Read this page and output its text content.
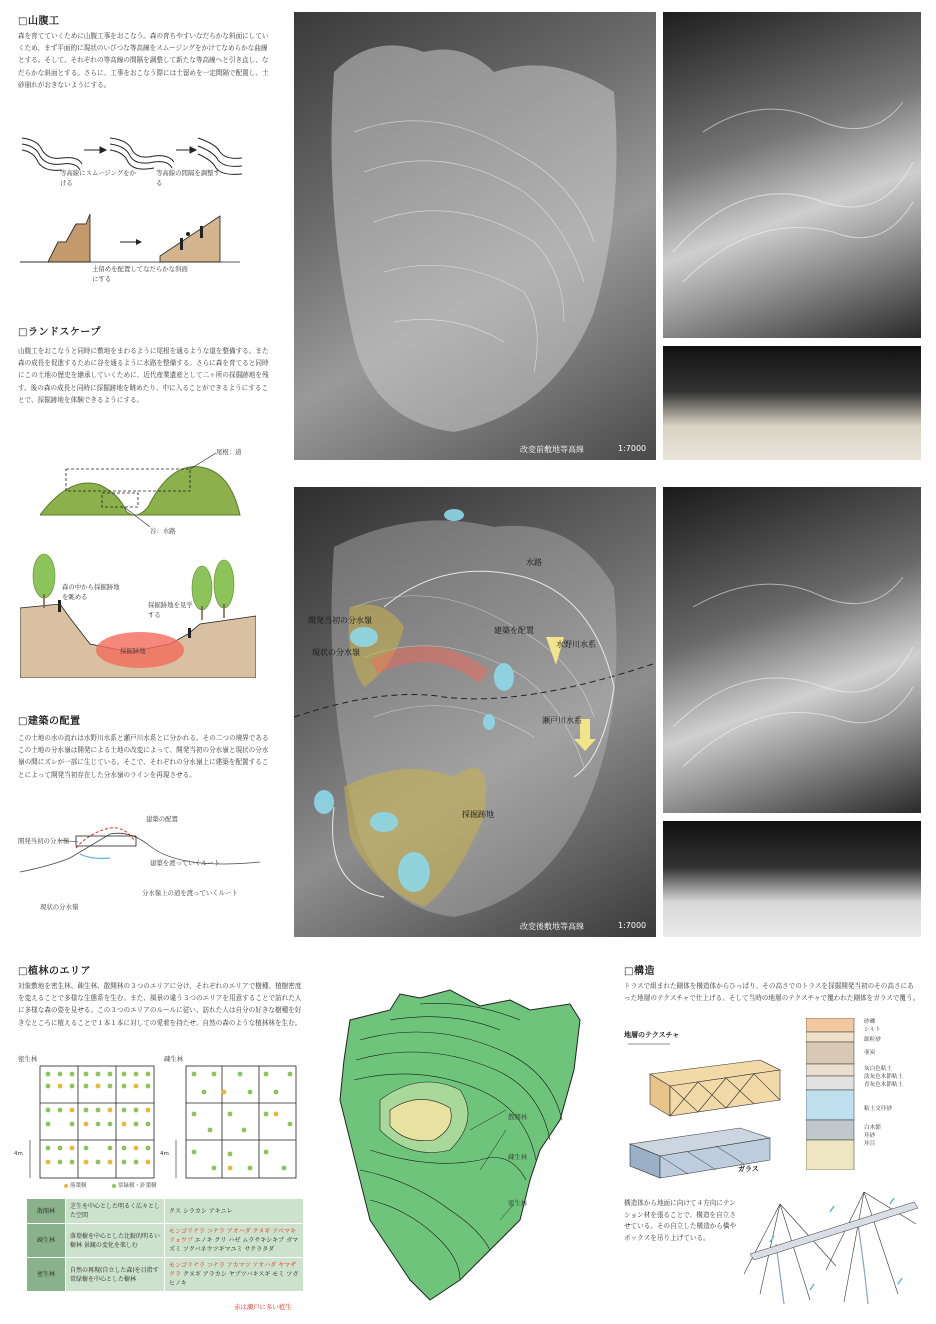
□山腹工
森を育てていくために山腹工事をおこなう。森の育ちやすいなだらかな斜面にしていくため、まず平面的に現状のいびつな等高線をスムージングをかけてなめらかな曲線とする。そして、それぞれの等高線の間隔を調整して新たな等高線へと引き直し、なだらかな斜面とする。さらに、工事をおこなう際には土留めを一定間隔で配置し、土砂崩れがおきないようにする。
等高線にスムージングをかける
等高線の間隔を調整する
土留めを配置してなだらかな斜面にする
□ランドスケープ
山腹工をおこなうと同時に敷地をまわるように尾根を通るような道を整備する。また森の成長を促進するために谷を通るように水路を整備する。さらに森を育てると同時にこの土地の歴史を継承していくために、近代産業遺産として二ヶ所の採掘跡地を残す。後の森の成長と同時に採掘跡地を眺めたり、中に入ることができるようにすることで、採掘跡地を体験できるようにする。
尾根：道
谷：水路
森の中から採掘跡地を眺める
採掘跡地を見学する
採掘跡地
□建築の配置
この土地の水の流れは水野川水系と瀬戸川水系とに分かれる。その二つの境界であるこの土地の分水嶺は開発による土地の改変によって、開発当初の分水嶺と現状の分水嶺の間にズレが一部に生じている。そこで、それぞれの分水嶺上に建築を配置することによって開発当初存在した分水嶺のラインを再現させる。
開発当初の分水嶺
建築の配置
建築を渡っていくルート
分水嶺上の道を渡っていくルート
現状の分水嶺
改変前敷地等高線	1:7000
水路
開発当初の分水嶺
現状の分水嶺
建築を配置
水野川水系
瀬戸川水系
採掘跡地
改変後敷地等高線	1:7000
□植林のエリア
対象敷地を密生林、疎生林、散開林の３つのエリアに分け、それぞれのエリアで樹種、植樹密度を変えることで多様な生態系を生む。また、風景の違う３つのエリアを用意することで訪れた人に多様な森の姿を見せる。この３つのエリアのルールに従い、訪れた人は自分の好きな樹種を好きなところに植えることで１本１本に対しての愛着を持たせ、自然の森のような植林林を生む。
密生林	疎生林
4m	4m
落葉樹	常緑樹・針葉樹
散開林	芝生を中心とした明るく広々とした空間	クス シラカシ アキニレ
疎生林	落葉樹を中心とした比較的明るい樹林 景観の変化を楽しむ	モンゴリナラ コナラ アオハダ クヌギ アベマキ リョウブ エノキ クリ ハゼ ムラサキシキブ ガマズミ ツクバネウツギマユミ サクラタダ
密生林	自然の再現(自立した森)を目指す 常緑樹を中心とした樹林	モンゴリナラ コナラ アカマツ アオハダ ヤマザクラ クヌギ アラカシ ヤブツバキスギ モミ ツガ ヒノキ
赤は瀬戸に多い植生
散開林
疎生林
密生林
□構造
トラスで組まれた剛体を構造体からひっぱり、その高さでのトラスを採掘開発当初のその高さにあった地層のテクスチャで仕上げる。そして当時の地層のテクスチャで覆われた剛体をガラスで覆う。
地層のテクスチャ
ガラス
砂礫
シルト
細粒砂
亜炭
灰白色粘土
淡灰色木節粘土
青灰色木節粘土
粘土交珪砂
白木節
珪砂
珪目
構造体から地面に向けて４方向にテンション材を張ることで、構造を自立させている。その自立した構造から橋やボックスを吊り上げている。
